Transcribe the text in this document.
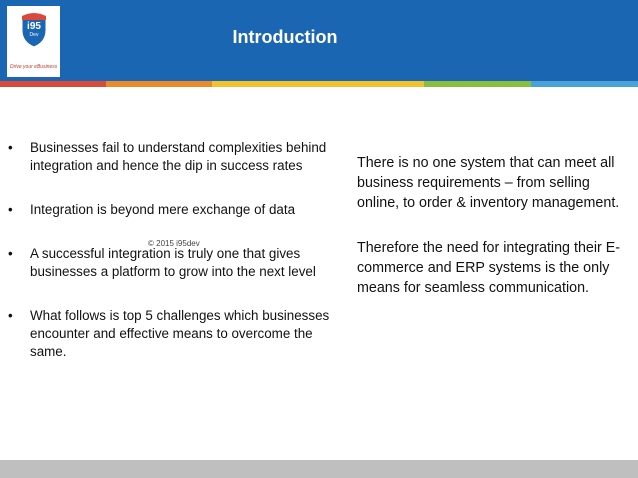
i95
Dev
Drive your eBusiness
Introduction
•	Businesses fail to understand complexities behind integration and hence the dip in success rates
•	Integration is beyond mere exchange of data
•	A successful integration is truly one that gives businesses a platform to grow into the next level
•	What follows is top 5 challenges which businesses encounter and effective means to overcome the same.

There is no one system that can meet all business requirements – from selling online, to order & inventory management.

Therefore the need for integrating their E-commerce and ERP systems is the only means for seamless communication.

© 2015 i95dev
